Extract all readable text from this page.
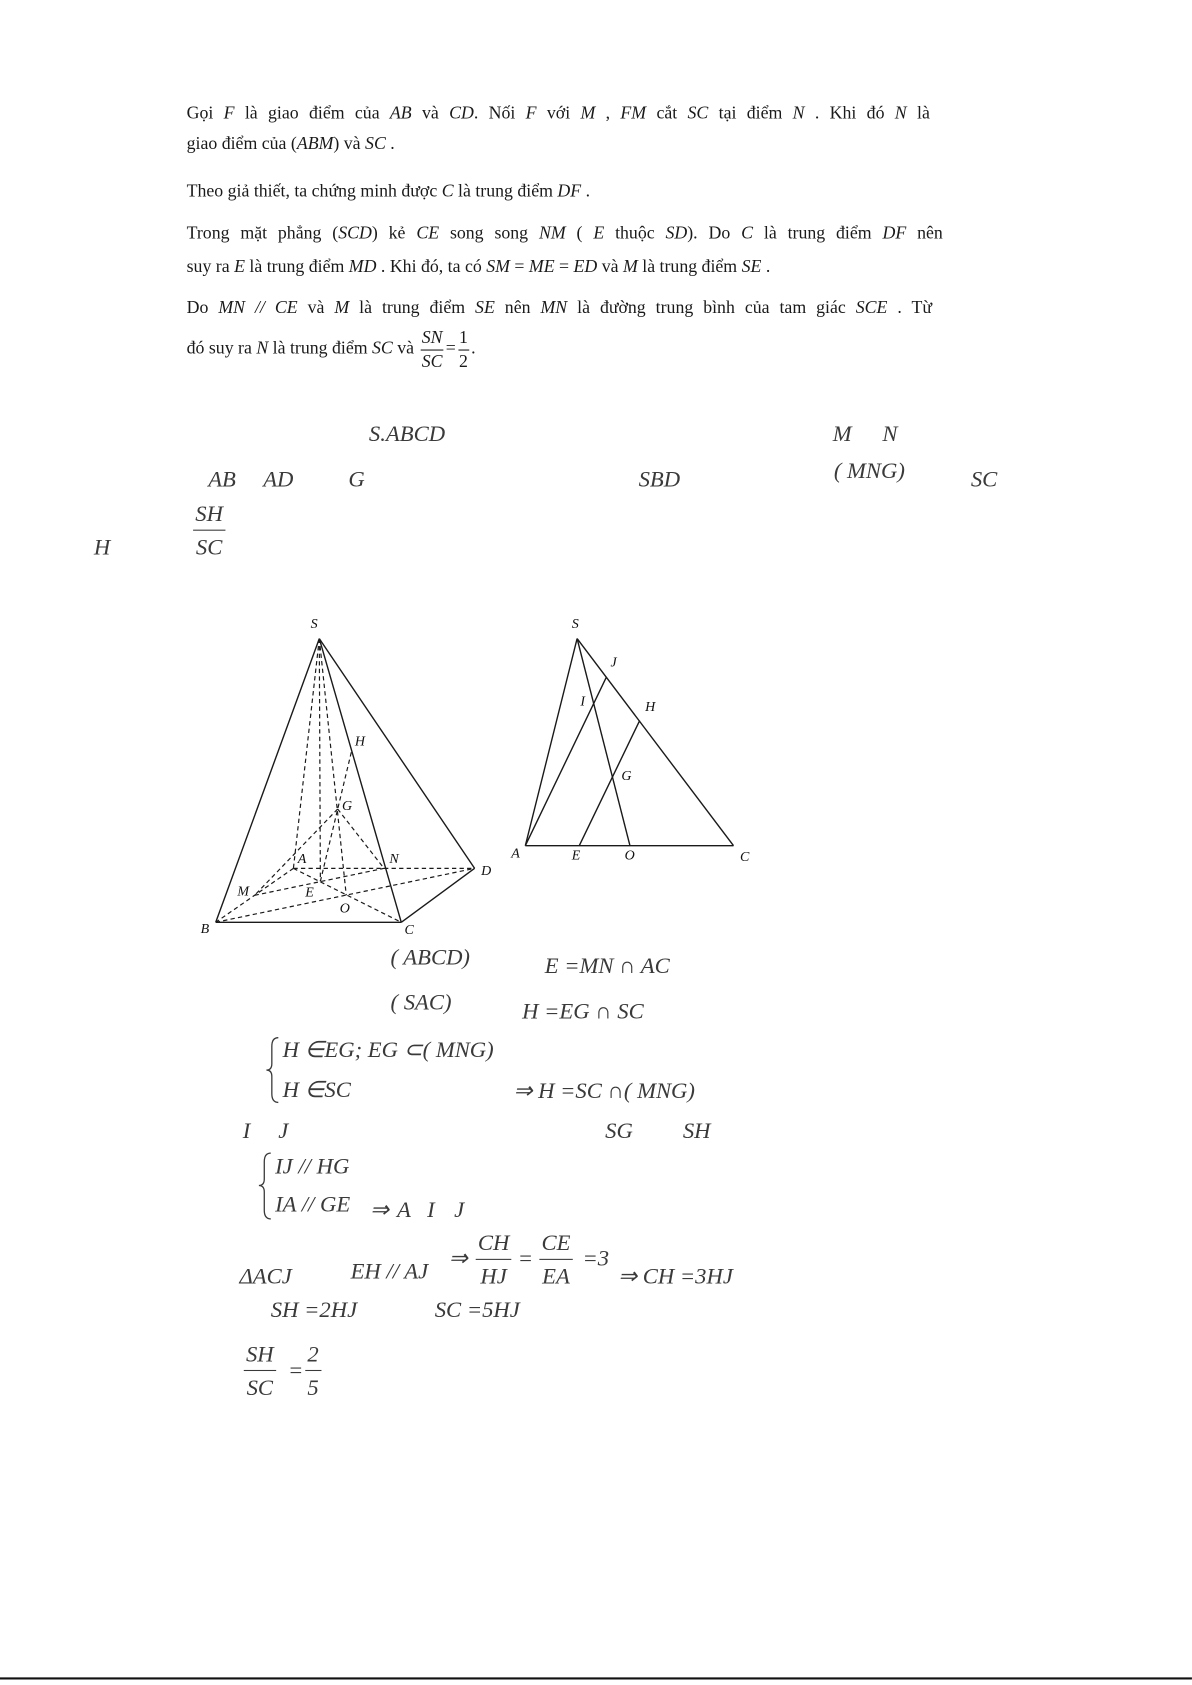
S
H
G
A	N
D
M	E
O
B	C
S
J
I	H
G
A	E	O	C
Gọi F là giao điểm của AB và CD. Nối F với M , FM cắt SC tại điểm N . Khi đó N là
giao điểm của (ABM) và SC .
Theo giả thiết, ta chứng minh được C là trung điểm DF .
Trong mặt phẳng (SCD) kẻ CE song song NM ( E thuộc SD). Do C là trung điểm DF nên
suy ra E là trung điểm MD . Khi đó, ta có SM = ME = ED và M là trung điểm SE .
Do MN // CE và M là trung điểm SE nên MN là đường trung bình của tam giác SCE . Từ
đó suy ra N là trung điểm SC và $\frac{SN}{SC} = \frac{1}{2}$ .
S.ABCD	M N
AB AD	G	SBD	( MNG)	SC
$\frac{SH}{SC}$
H
( ABCD)	E =MN ∩ AC
( SAC)	H =EG ∩ SC
H ∈EG; EG ⊂( MNG)
H ∈SC	⇒ H =SC ∩( MNG)
I J	SG SH
IJ // HG
IA // GE ⇒ A I J
ΔACJ	EH // AJ
⇒ $\frac{CH}{HJ} = \frac{CE}{EA} =3$
⇒ CH =3HJ
SH =2HJ	SC =5HJ
$\frac{SH}{SC} = \frac{2}{5}$
